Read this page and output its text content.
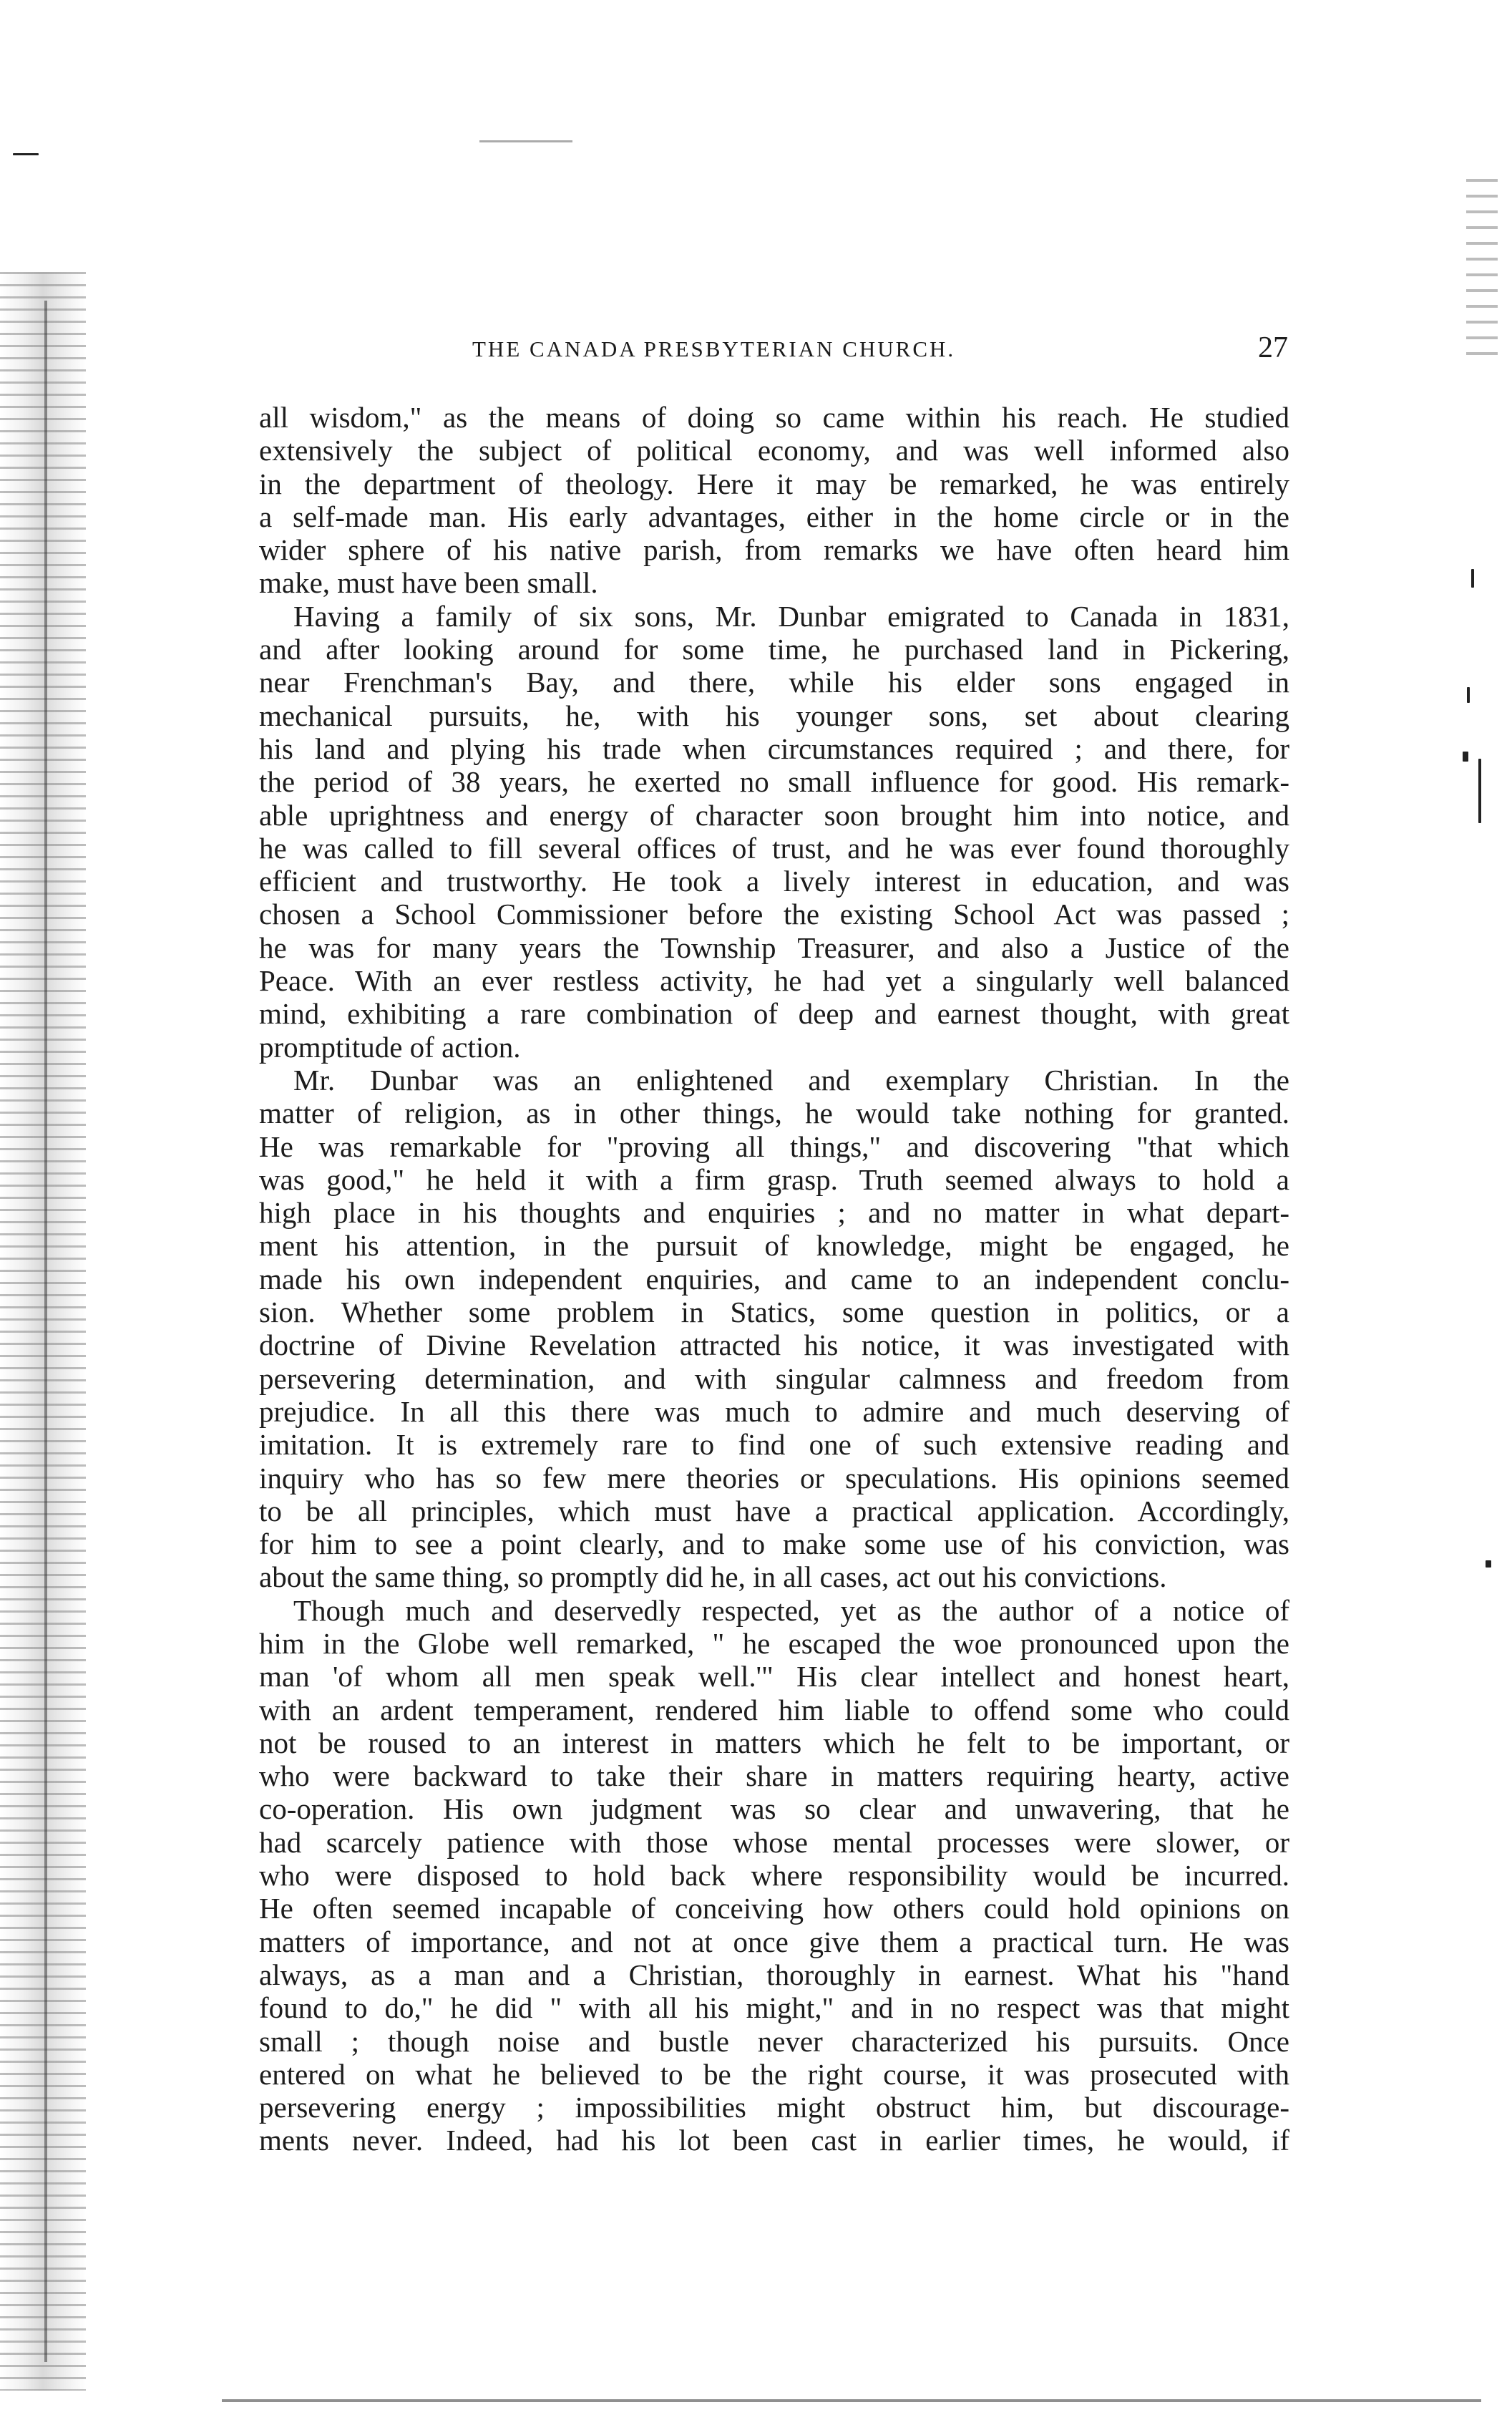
THE CANADA PRESBYTERIAN CHURCH.	27
all wisdom," as the means of doing so came within his reach. He studied
extensively the subject of political economy, and was well informed also
in the department of theology. Here it may be remarked, he was entirely
a self-made man. His early advantages, either in the home circle or in the
wider sphere of his native parish, from remarks we have often heard him
make, must have been small.
Having a family of six sons, Mr. Dunbar emigrated to Canada in 1831,
and after looking around for some time, he purchased land in Pickering,
near Frenchman's Bay, and there, while his elder sons engaged in
mechanical pursuits, he, with his younger sons, set about clearing
his land and plying his trade when circumstances required ; and there, for
the period of 38 years, he exerted no small influence for good. His remark-
able uprightness and energy of character soon brought him into notice, and
he was called to fill several offices of trust, and he was ever found thoroughly
efficient and trustworthy. He took a lively interest in education, and was
chosen a School Commissioner before the existing School Act was passed ;
he was for many years the Township Treasurer, and also a Justice of the
Peace. With an ever restless activity, he had yet a singularly well balanced
mind, exhibiting a rare combination of deep and earnest thought, with great
promptitude of action.
Mr. Dunbar was an enlightened and exemplary Christian. In the
matter of religion, as in other things, he would take nothing for granted.
He was remarkable for "proving all things," and discovering "that which
was good," he held it with a firm grasp. Truth seemed always to hold a
high place in his thoughts and enquiries ; and no matter in what depart-
ment his attention, in the pursuit of knowledge, might be engaged, he
made his own independent enquiries, and came to an independent conclu-
sion. Whether some problem in Statics, some question in politics, or a
doctrine of Divine Revelation attracted his notice, it was investigated with
persevering determination, and with singular calmness and freedom from
prejudice. In all this there was much to admire and much deserving of
imitation. It is extremely rare to find one of such extensive reading and
inquiry who has so few mere theories or speculations. His opinions seemed
to be all principles, which must have a practical application. Accordingly,
for him to see a point clearly, and to make some use of his conviction, was
about the same thing, so promptly did he, in all cases, act out his convictions.
Though much and deservedly respected, yet as the author of a notice of
him in the Globe well remarked, " he escaped the woe pronounced upon the
man 'of whom all men speak well.'" His clear intellect and honest heart,
with an ardent temperament, rendered him liable to offend some who could
not be roused to an interest in matters which he felt to be important, or
who were backward to take their share in matters requiring hearty, active
co-operation. His own judgment was so clear and unwavering, that he
had scarcely patience with those whose mental processes were slower, or
who were disposed to hold back where responsibility would be incurred.
He often seemed incapable of conceiving how others could hold opinions on
matters of importance, and not at once give them a practical turn. He was
always, as a man and a Christian, thoroughly in earnest. What his "hand
found to do," he did " with all his might," and in no respect was that might
small ; though noise and bustle never characterized his pursuits. Once
entered on what he believed to be the right course, it was prosecuted with
persevering energy ; impossibilities might obstruct him, but discourage-
ments never. Indeed, had his lot been cast in earlier times, he would, if
